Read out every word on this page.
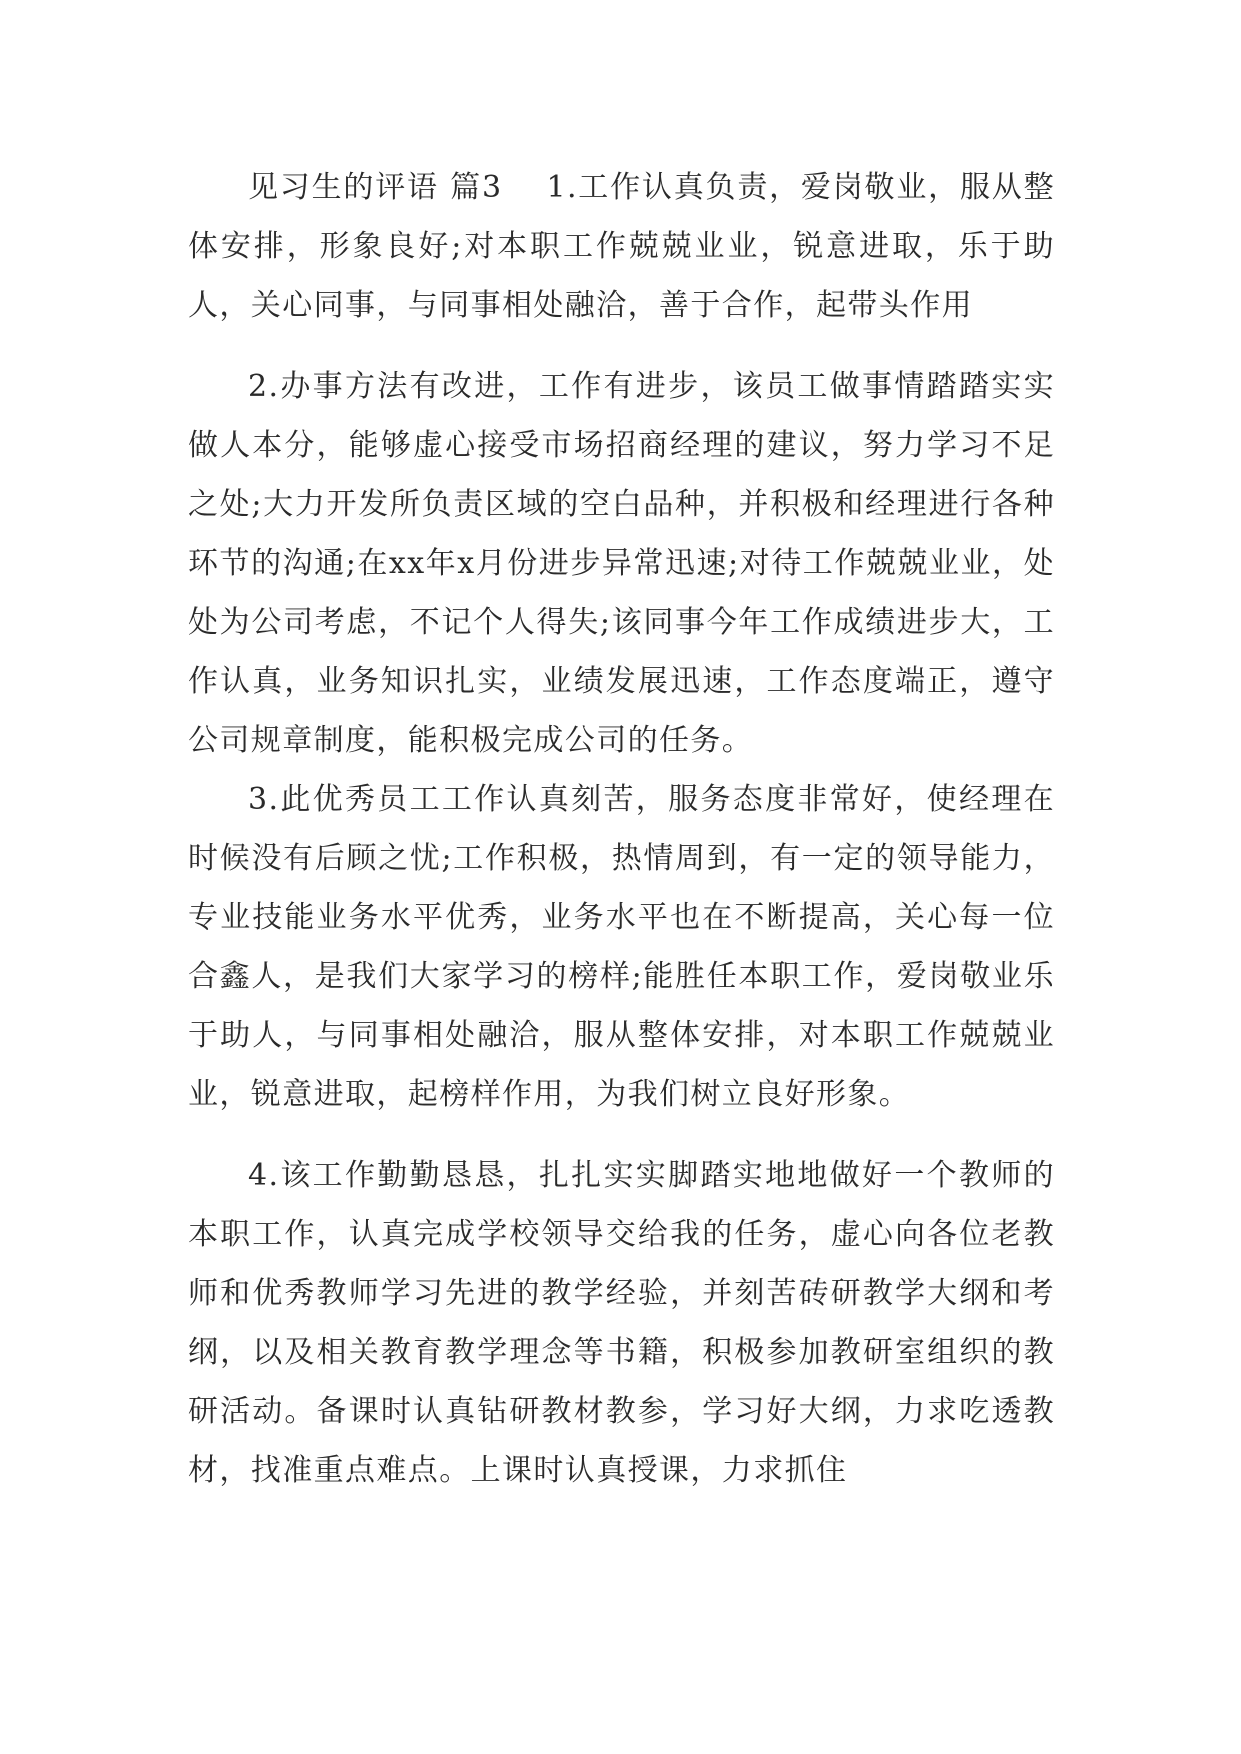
见习生的评语 篇3 1.工作认真负责，爱岗敬业，服从整体安排，形象良好;对本职工作兢兢业业，锐意进取，乐于助人，关心同事，与同事相处融洽，善于合作，起带头作用

2.办事方法有改进，工作有进步，该员工做事情踏踏实实做人本分，能够虚心接受市场招商经理的建议，努力学习不足之处;大力开发所负责区域的空白品种，并积极和经理进行各种环节的沟通;在xx年x月份进步异常迅速;对待工作兢兢业业，处处为公司考虑，不记个人得失;该同事今年工作成绩进步大，工作认真，业务知识扎实，业绩发展迅速，工作态度端正，遵守公司规章制度，能积极完成公司的任务。

3.此优秀员工工作认真刻苦，服务态度非常好，使经理在时候没有后顾之忧;工作积极，热情周到，有一定的领导能力，专业技能业务水平优秀，业务水平也在不断提高，关心每一位合鑫人，是我们大家学习的榜样;能胜任本职工作，爱岗敬业乐于助人，与同事相处融洽，服从整体安排，对本职工作兢兢业业，锐意进取，起榜样作用，为我们树立良好形象。

4.该工作勤勤恳恳，扎扎实实脚踏实地地做好一个教师的本职工作，认真完成学校领导交给我的任务，虚心向各位老教师和优秀教师学习先进的教学经验，并刻苦砖研教学大纲和考纲，以及相关教育教学理念等书籍，积极参加教研室组织的教研活动。备课时认真钻研教材教参，学习好大纲，力求吃透教材，找准重点难点。上课时认真授课，力求抓住
